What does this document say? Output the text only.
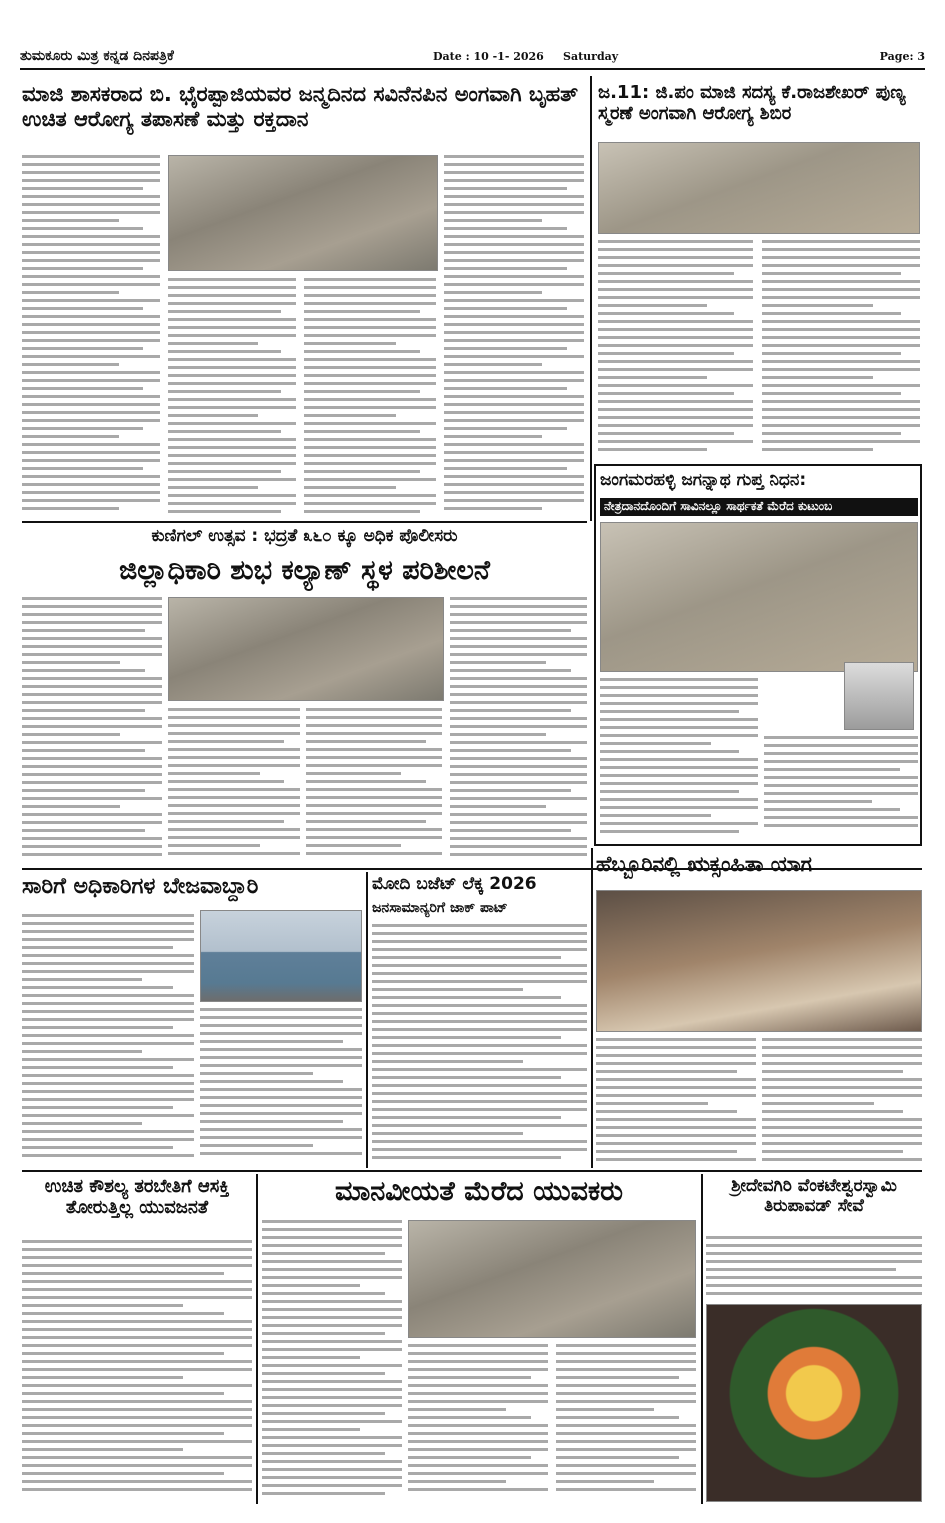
ತುಮಕೂರು ಮಿತ್ರ ಕನ್ನಡ ದಿನಪತ್ರಿಕೆ	Date : 10 -1- 2026 Saturday	Page: 3
ಮಾಜಿ ಶಾಸಕರಾದ ಬಿ. ಭೈರಪ್ಪಾಜಿಯವರ ಜನ್ಮದಿನದ ಸವಿನೆನಪಿನ ಅಂಗವಾಗಿ ಬೃಹತ್ ಉಚಿತ ಆರೋಗ್ಯ ತಪಾಸಣೆ ಮತ್ತು ರಕ್ತದಾನ
ಜ.11: ಜಿ.ಪಂ ಮಾಜಿ ಸದಸ್ಯ ಕೆ.ರಾಜಶೇಖರ್ ಪುಣ್ಯ ಸ್ಮರಣೆ ಅಂಗವಾಗಿ ಆರೋಗ್ಯ ಶಿಬಿರ
ಜಂಗಮರಹಳ್ಳಿ ಜಗನ್ನಾಥ ಗುಪ್ತ ನಿಧನ:
ನೇತ್ರದಾನದೊಂದಿಗೆ ಸಾವಿನಲ್ಲೂ ಸಾರ್ಥಕತೆ ಮೆರೆದ ಕುಟುಂಬ
ಕುಣಿಗಲ್ ಉತ್ಸವ : ಭದ್ರತೆ ೩೬೦ ಕ್ಕೂ ಅಧಿಕ ಪೊಲೀಸರು
ಜಿಲ್ಲಾಧಿಕಾರಿ ಶುಭ ಕಲ್ಯಾಣ್ ಸ್ಥಳ ಪರಿಶೀಲನೆ
ಸಾರಿಗೆ ಅಧಿಕಾರಿಗಳ ಬೇಜವಾಬ್ದಾರಿ	ಮೋದಿ ಬಜೆಟ್ ಲೆಕ್ಕ 2026
ಜನಸಾಮಾನ್ಯರಿಗೆ ಜಾಕ್ ಪಾಟ್
ಹೆಬ್ಬೂರಿನಲ್ಲಿ ಋಕ್ಸಂಹಿತಾ ಯಾಗ
ಉಚಿತ ಕೌಶಲ್ಯ ತರಬೇತಿಗೆ ಆಸಕ್ತಿ ತೋರುತ್ತಿಲ್ಲ ಯುವಜನತೆ
ಮಾನವೀಯತೆ ಮೆರೆದ ಯುವಕರು	ಶ್ರೀದೇವಗಿರಿ ವೆಂಕಟೇಶ್ವರಸ್ವಾಮಿ ತಿರುಪಾವಡ್ ಸೇವೆ
